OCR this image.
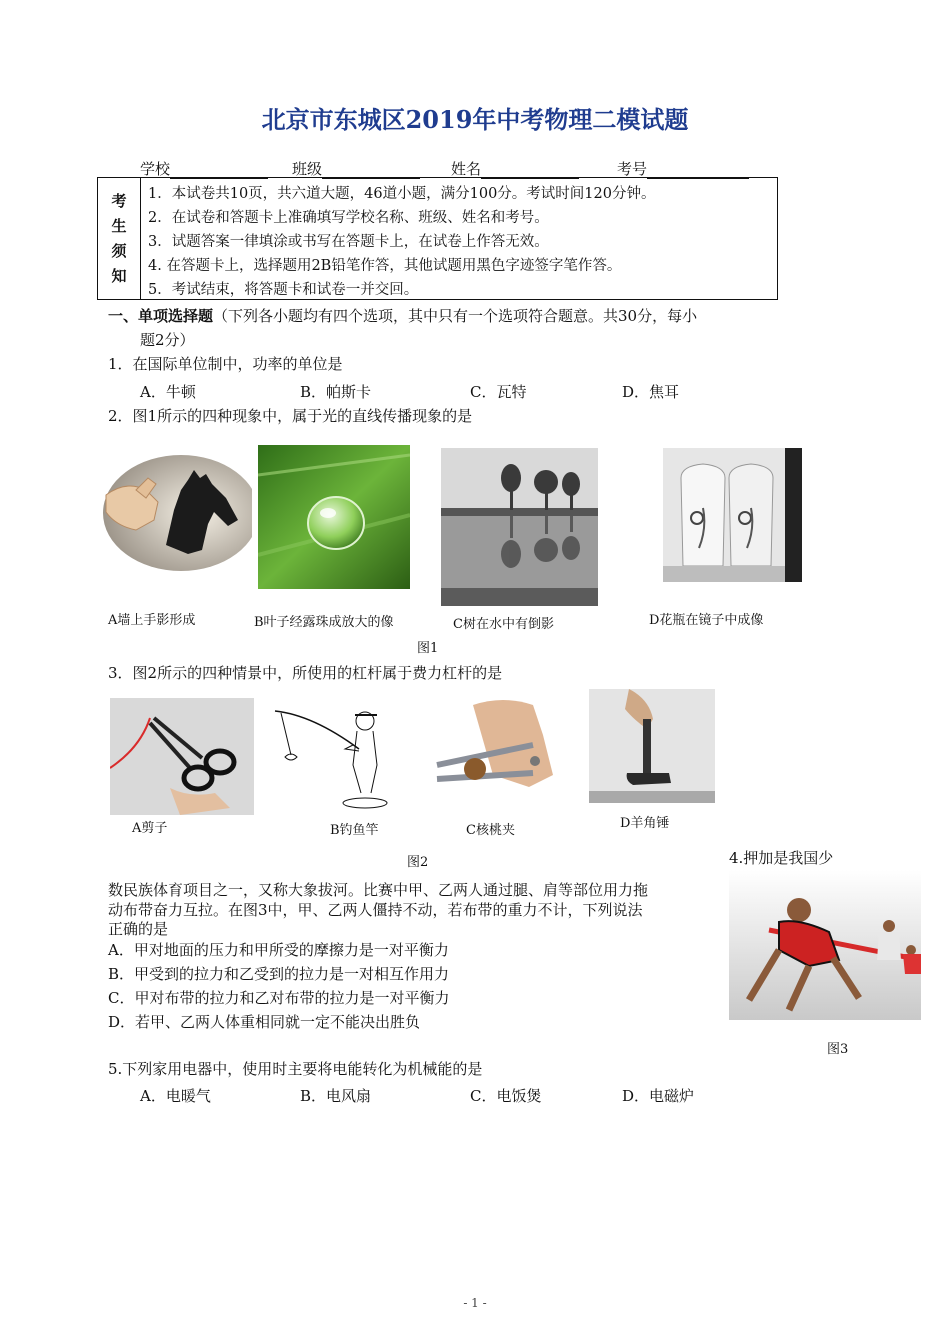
北京市东城区2019年中考物理二模试题
学校	班级	姓名	考号
考
生
须
知
1．本试卷共10页，共六道大题，46道小题，满分100分。考试时间120分钟。
2．在试卷和答题卡上准确填写学校名称、班级、姓名和考号。
3．试题答案一律填涂或书写在答题卡上，在试卷上作答无效。
4. 在答题卡上，选择题用2B铅笔作答，其他试题用黑色字迹签字笔作答。
5．考试结束，将答题卡和试卷一并交回。
一、单项选择题（下列各小题均有四个选项，其中只有一个选项符合题意。共30分，每小
题2分）
1．在国际单位制中，功率的单位是
A．牛顿	B．帕斯卡	C．瓦特	D．焦耳
2．图1所示的四种现象中，属于光的直线传播现象的是
A墙上手影形成	B叶子经露珠成放大的像	C树在水中有倒影	D花瓶在镜子中成像
图1
3．图2所示的四种情景中，所使用的杠杆属于费力杠杆的是
A剪子	B钓鱼竿	C核桃夹	D羊角锤
图2	4.押加是我国少
数民族体育项目之一，又称大象拔河。比赛中甲、乙两人通过腿、肩等部位用力拖
动布带奋力互拉。在图3中，甲、乙两人僵持不动，若布带的重力不计，下列说法
正确的是
A．甲对地面的压力和甲所受的摩擦力是一对平衡力
B．甲受到的拉力和乙受到的拉力是一对相互作用力
C．甲对布带的拉力和乙对布带的拉力是一对平衡力
D．若甲、乙两人体重相同就一定不能决出胜负
图3
5.下列家用电器中，使用时主要将电能转化为机械能的是
A．电暖气	B．电风扇	C．电饭煲	D．电磁炉
- 1 -
